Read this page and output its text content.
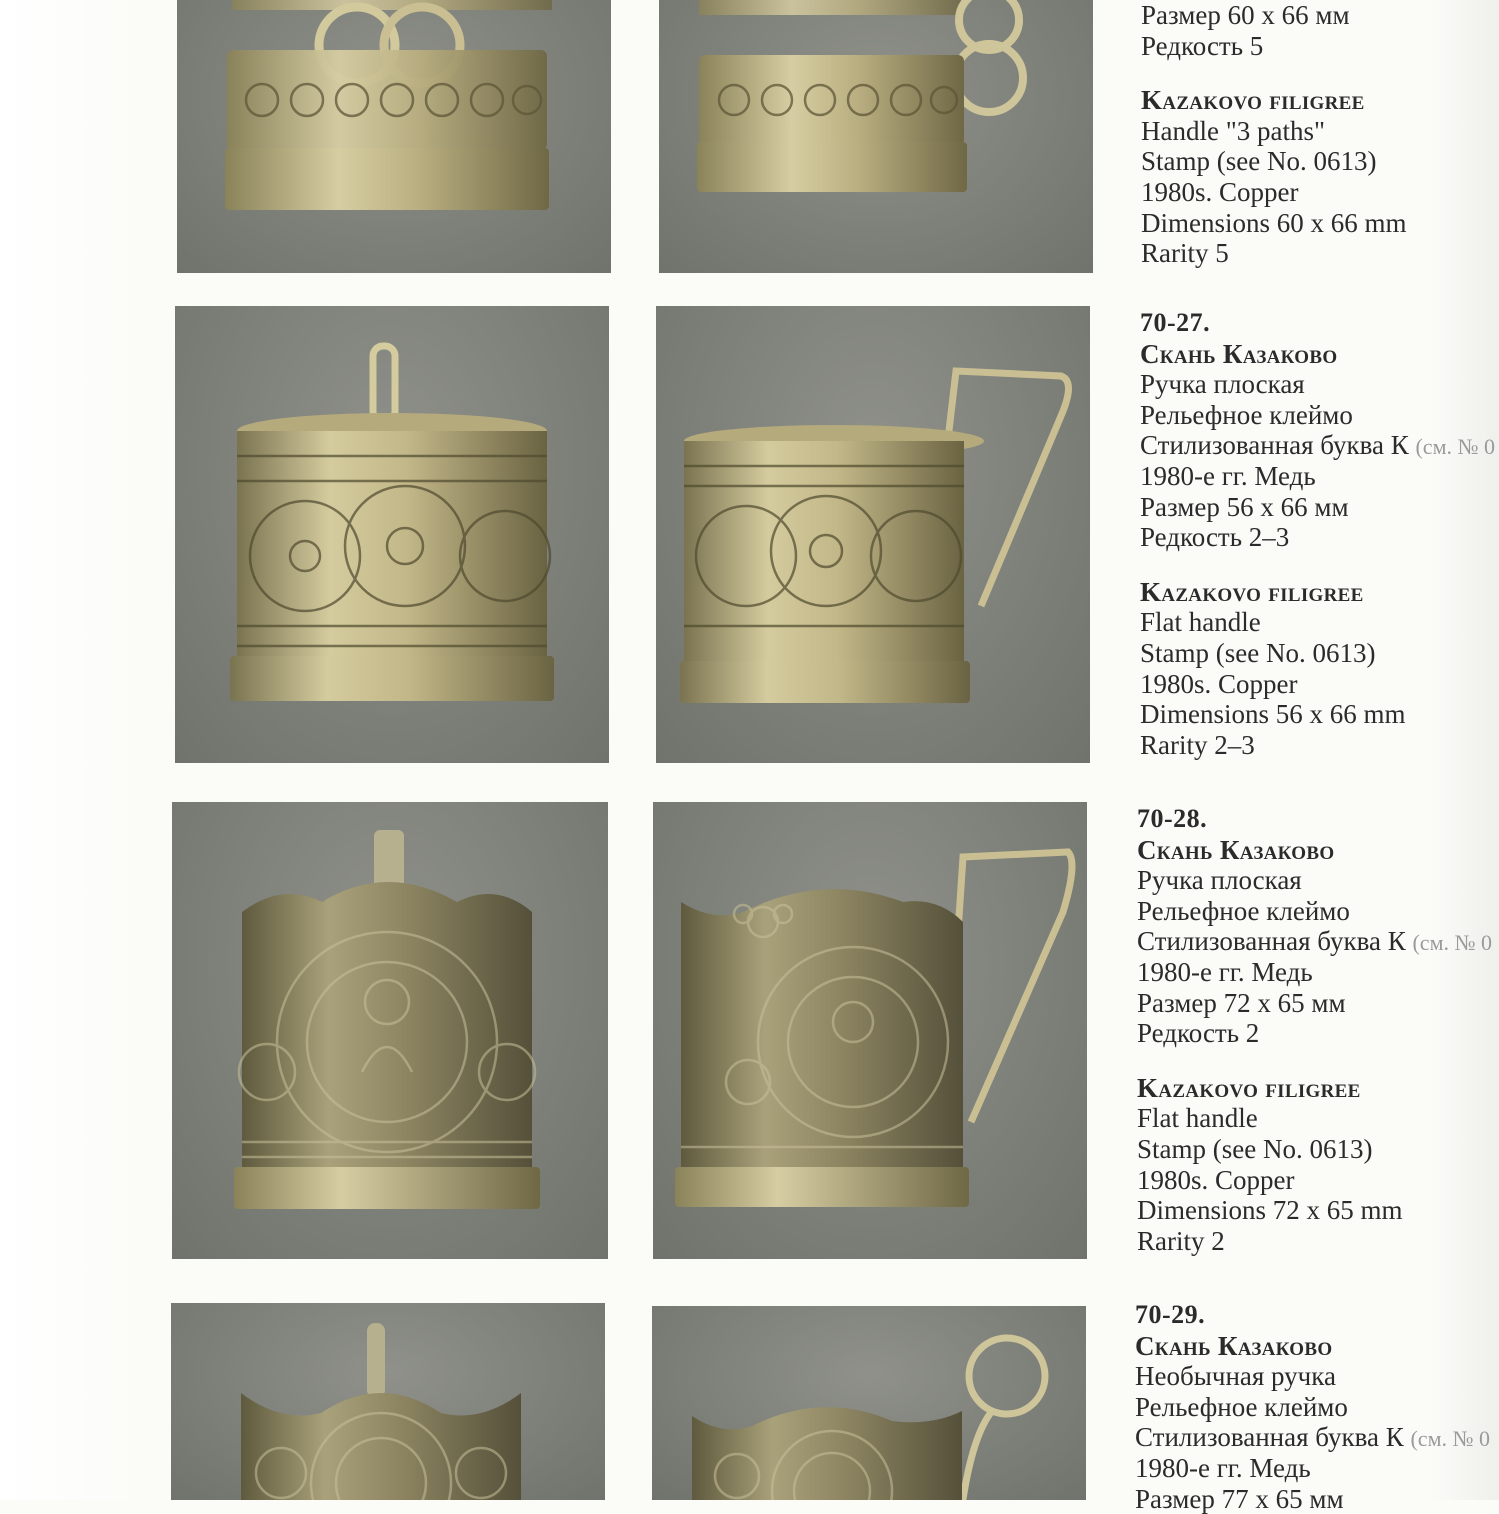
Размер 60 х 66 мм
Редкость 5
Kazakovo filigree
Handle "3 paths"
Stamp (see No. 0613)
1980s. Copper
Dimensions 60 x 66 mm
Rarity 5
70-27.
Скань Казаково
Ручка плоская
Рельефное клеймо
Стилизованная буква К (см. № 0
1980-е гг. Медь
Размер 56 х 66 мм
Редкость 2–3
Kazakovo filigree
Flat handle
Stamp (see No. 0613)
1980s. Copper
Dimensions 56 x 66 mm
Rarity 2–3
70-28.
Скань Казаково
Ручка плоская
Рельефное клеймо
Стилизованная буква К (см. № 0
1980-е гг. Медь
Размер 72 х 65 мм
Редкость 2
Kazakovo filigree
Flat handle
Stamp (see No. 0613)
1980s. Copper
Dimensions 72 x 65 mm
Rarity 2
70-29.
Скань Казаково
Необычная ручка
Рельефное клеймо
Стилизованная буква К (см. № 0
1980-е гг. Медь
Размер 77 х 65 мм
